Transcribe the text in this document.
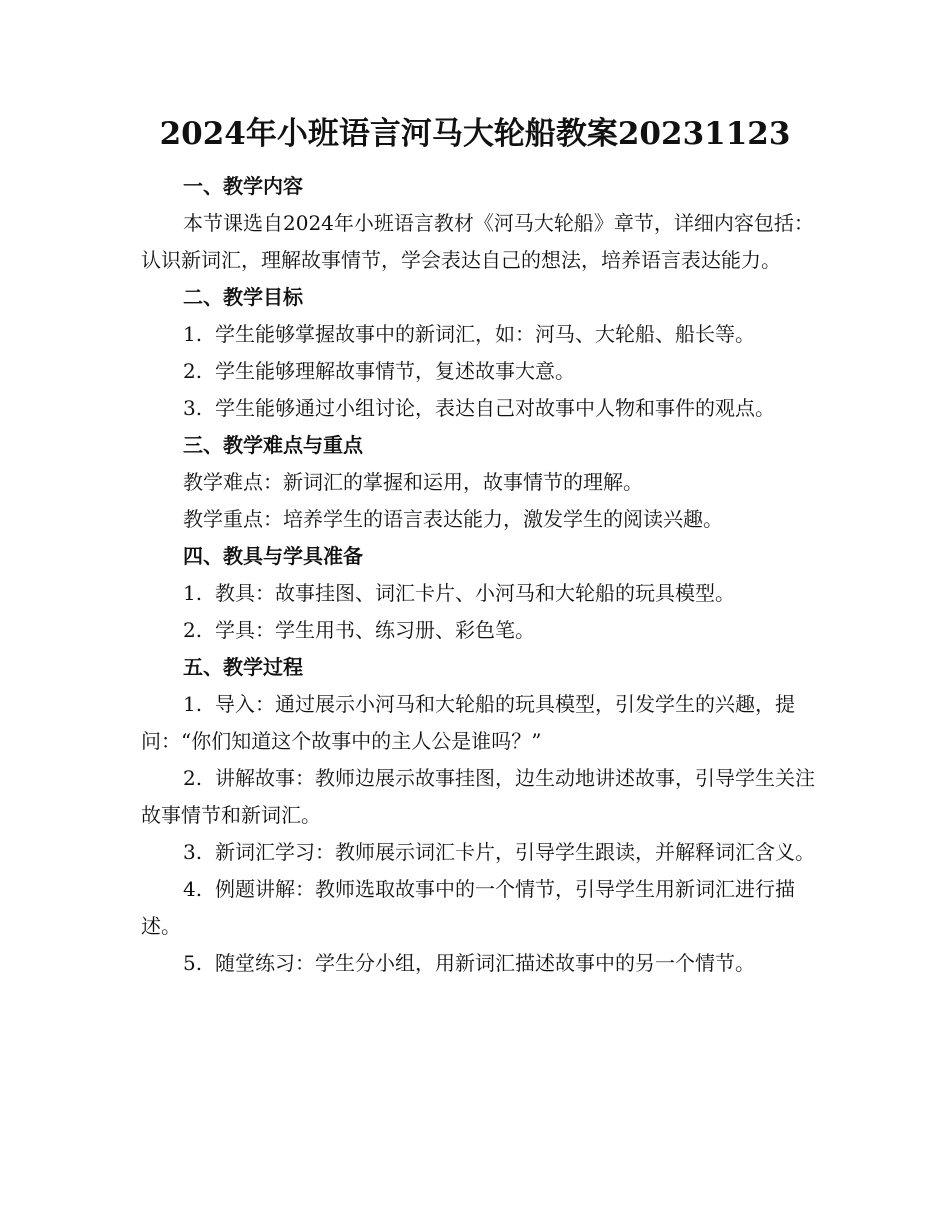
2024年小班语言河马大轮船教案20231123

一、教学内容

本节课选自2024年小班语言教材《河马大轮船》章节，详细内容包括：认识新词汇，理解故事情节，学会表达自己的想法，培养语言表达能力。

二、教学目标

1. 学生能够掌握故事中的新词汇，如：河马、大轮船、船长等。

2. 学生能够理解故事情节，复述故事大意。

3. 学生能够通过小组讨论，表达自己对故事中人物和事件的观点。

三、教学难点与重点

教学难点：新词汇的掌握和运用，故事情节的理解。

教学重点：培养学生的语言表达能力，激发学生的阅读兴趣。

四、教具与学具准备

1. 教具：故事挂图、词汇卡片、小河马和大轮船的玩具模型。

2. 学具：学生用书、练习册、彩色笔。

五、教学过程

1. 导入：通过展示小河马和大轮船的玩具模型，引发学生的兴趣，提问：“你们知道这个故事中的主人公是谁吗？”

2. 讲解故事：教师边展示故事挂图，边生动地讲述故事，引导学生关注故事情节和新词汇。

3. 新词汇学习：教师展示词汇卡片，引导学生跟读，并解释词汇含义。

4. 例题讲解：教师选取故事中的一个情节，引导学生用新词汇进行描述。

5. 随堂练习：学生分小组，用新词汇描述故事中的另一个情节。
